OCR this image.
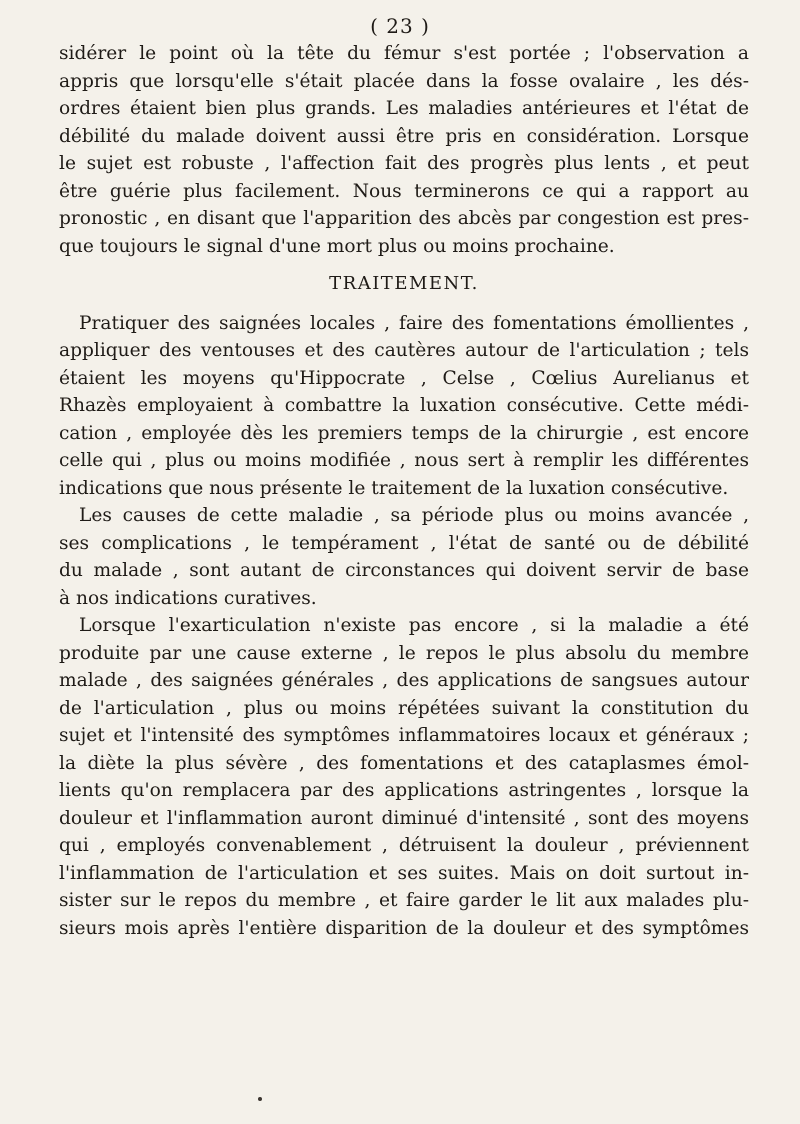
( 23 )
sidérer le point où la tête du fémur s'est portée ; l'observation a
appris que lorsqu'elle s'était placée dans la fosse ovalaire , les dés-
ordres étaient bien plus grands. Les maladies antérieures et l'état de
débilité du malade doivent aussi être pris en considération. Lorsque
le sujet est robuste , l'affection fait des progrès plus lents , et peut
être guérie plus facilement. Nous terminerons ce qui a rapport au
pronostic , en disant que l'apparition des abcès par congestion est pres-
que toujours le signal d'une mort plus ou moins prochaine.
TRAITEMENT.
Pratiquer des saignées locales , faire des fomentations émollientes ,
appliquer des ventouses et des cautères autour de l'articulation ; tels
étaient les moyens qu'Hippocrate , Celse , Cœlius Aurelianus et
Rhazès employaient à combattre la luxation consécutive. Cette médi-
cation , employée dès les premiers temps de la chirurgie , est encore
celle qui , plus ou moins modifiée , nous sert à remplir les différentes
indications que nous présente le traitement de la luxation consécutive.
Les causes de cette maladie , sa période plus ou moins avancée ,
ses complications , le tempérament , l'état de santé ou de débilité
du malade , sont autant de circonstances qui doivent servir de base
à nos indications curatives.
Lorsque l'exarticulation n'existe pas encore , si la maladie a été
produite par une cause externe , le repos le plus absolu du membre
malade , des saignées générales , des applications de sangsues autour
de l'articulation , plus ou moins répétées suivant la constitution du
sujet et l'intensité des symptômes inflammatoires locaux et généraux ;
la diète la plus sévère , des fomentations et des cataplasmes émol-
lients qu'on remplacera par des applications astringentes , lorsque la
douleur et l'inflammation auront diminué d'intensité , sont des moyens
qui , employés convenablement , détruisent la douleur , préviennent
l'inflammation de l'articulation et ses suites. Mais on doit surtout in-
sister sur le repos du membre , et faire garder le lit aux malades plu-
sieurs mois après l'entière disparition de la douleur et des symptômes
